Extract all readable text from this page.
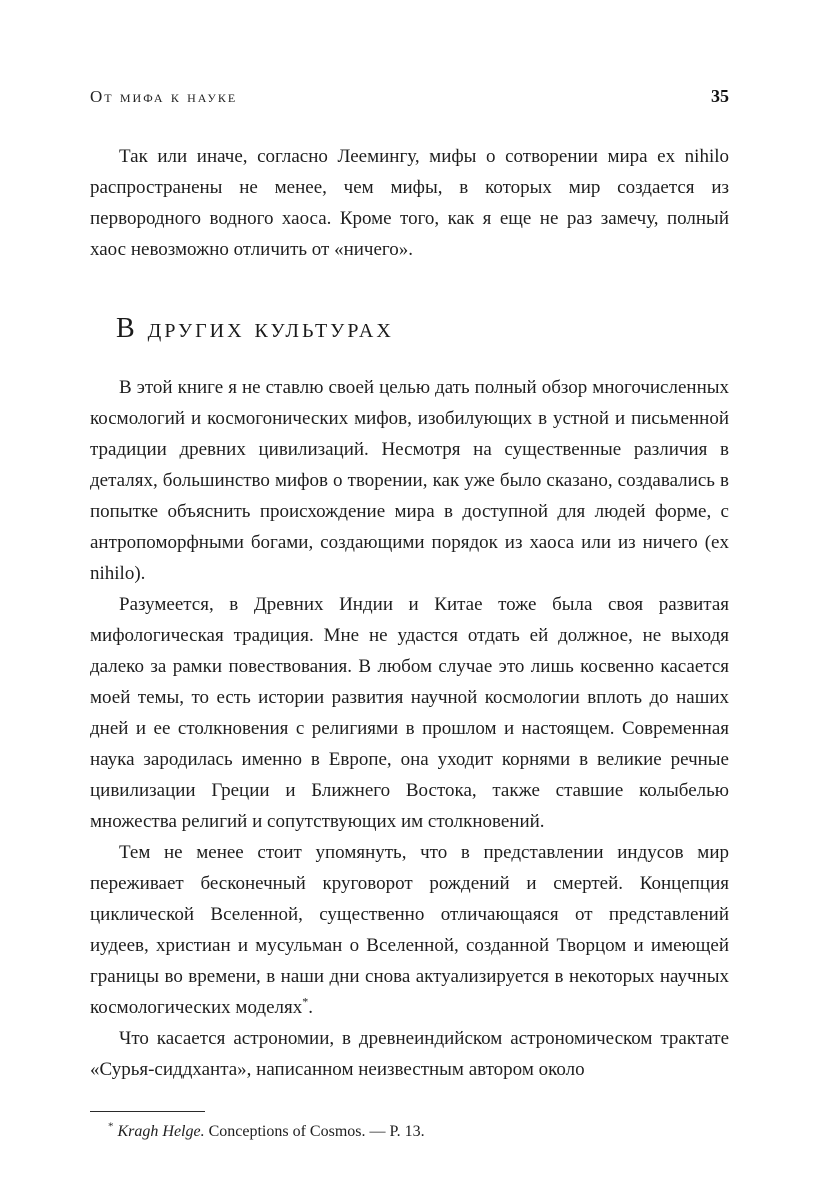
От мифа к науке	35

Так или иначе, согласно Леемингу, мифы о сотворении мира ex nihilo распространены не менее, чем мифы, в которых мир создается из первородного водного хаоса. Кроме того, как я еще не раз замечу, полный хаос невозможно отличить от «ничего».

В других культурах

В этой книге я не ставлю своей целью дать полный обзор многочисленных космологий и космогонических мифов, изобилующих в устной и письменной традиции древних цивилизаций. Несмотря на существенные различия в деталях, большинство мифов о творении, как уже было сказано, создавались в попытке объяснить происхождение мира в доступной для людей форме, с антропоморфными богами, создающими порядок из хаоса или из ничего (ex nihilo).

Разумеется, в Древних Индии и Китае тоже была своя развитая мифологическая традиция. Мне не удастся отдать ей должное, не выходя далеко за рамки повествования. В любом случае это лишь косвенно касается моей темы, то есть истории развития научной космологии вплоть до наших дней и ее столкновения с религиями в прошлом и настоящем. Современная наука зародилась именно в Европе, она уходит корнями в великие речные цивилизации Греции и Ближнего Востока, также ставшие колыбелью множества религий и сопутствующих им столкновений.

Тем не менее стоит упомянуть, что в представлении индусов мир переживает бесконечный круговорот рождений и смертей. Концепция циклической Вселенной, существенно отличающаяся от представлений иудеев, христиан и мусульман о Вселенной, созданной Творцом и имеющей границы во времени, в наши дни снова актуализируется в некоторых научных космологических моделях*.

Что касается астрономии, в древнеиндийском астрономическом трактате «Сурья-сиддханта», написанном неизвестным автором около

* Kragh Helge. Conceptions of Cosmos. — P. 13.
